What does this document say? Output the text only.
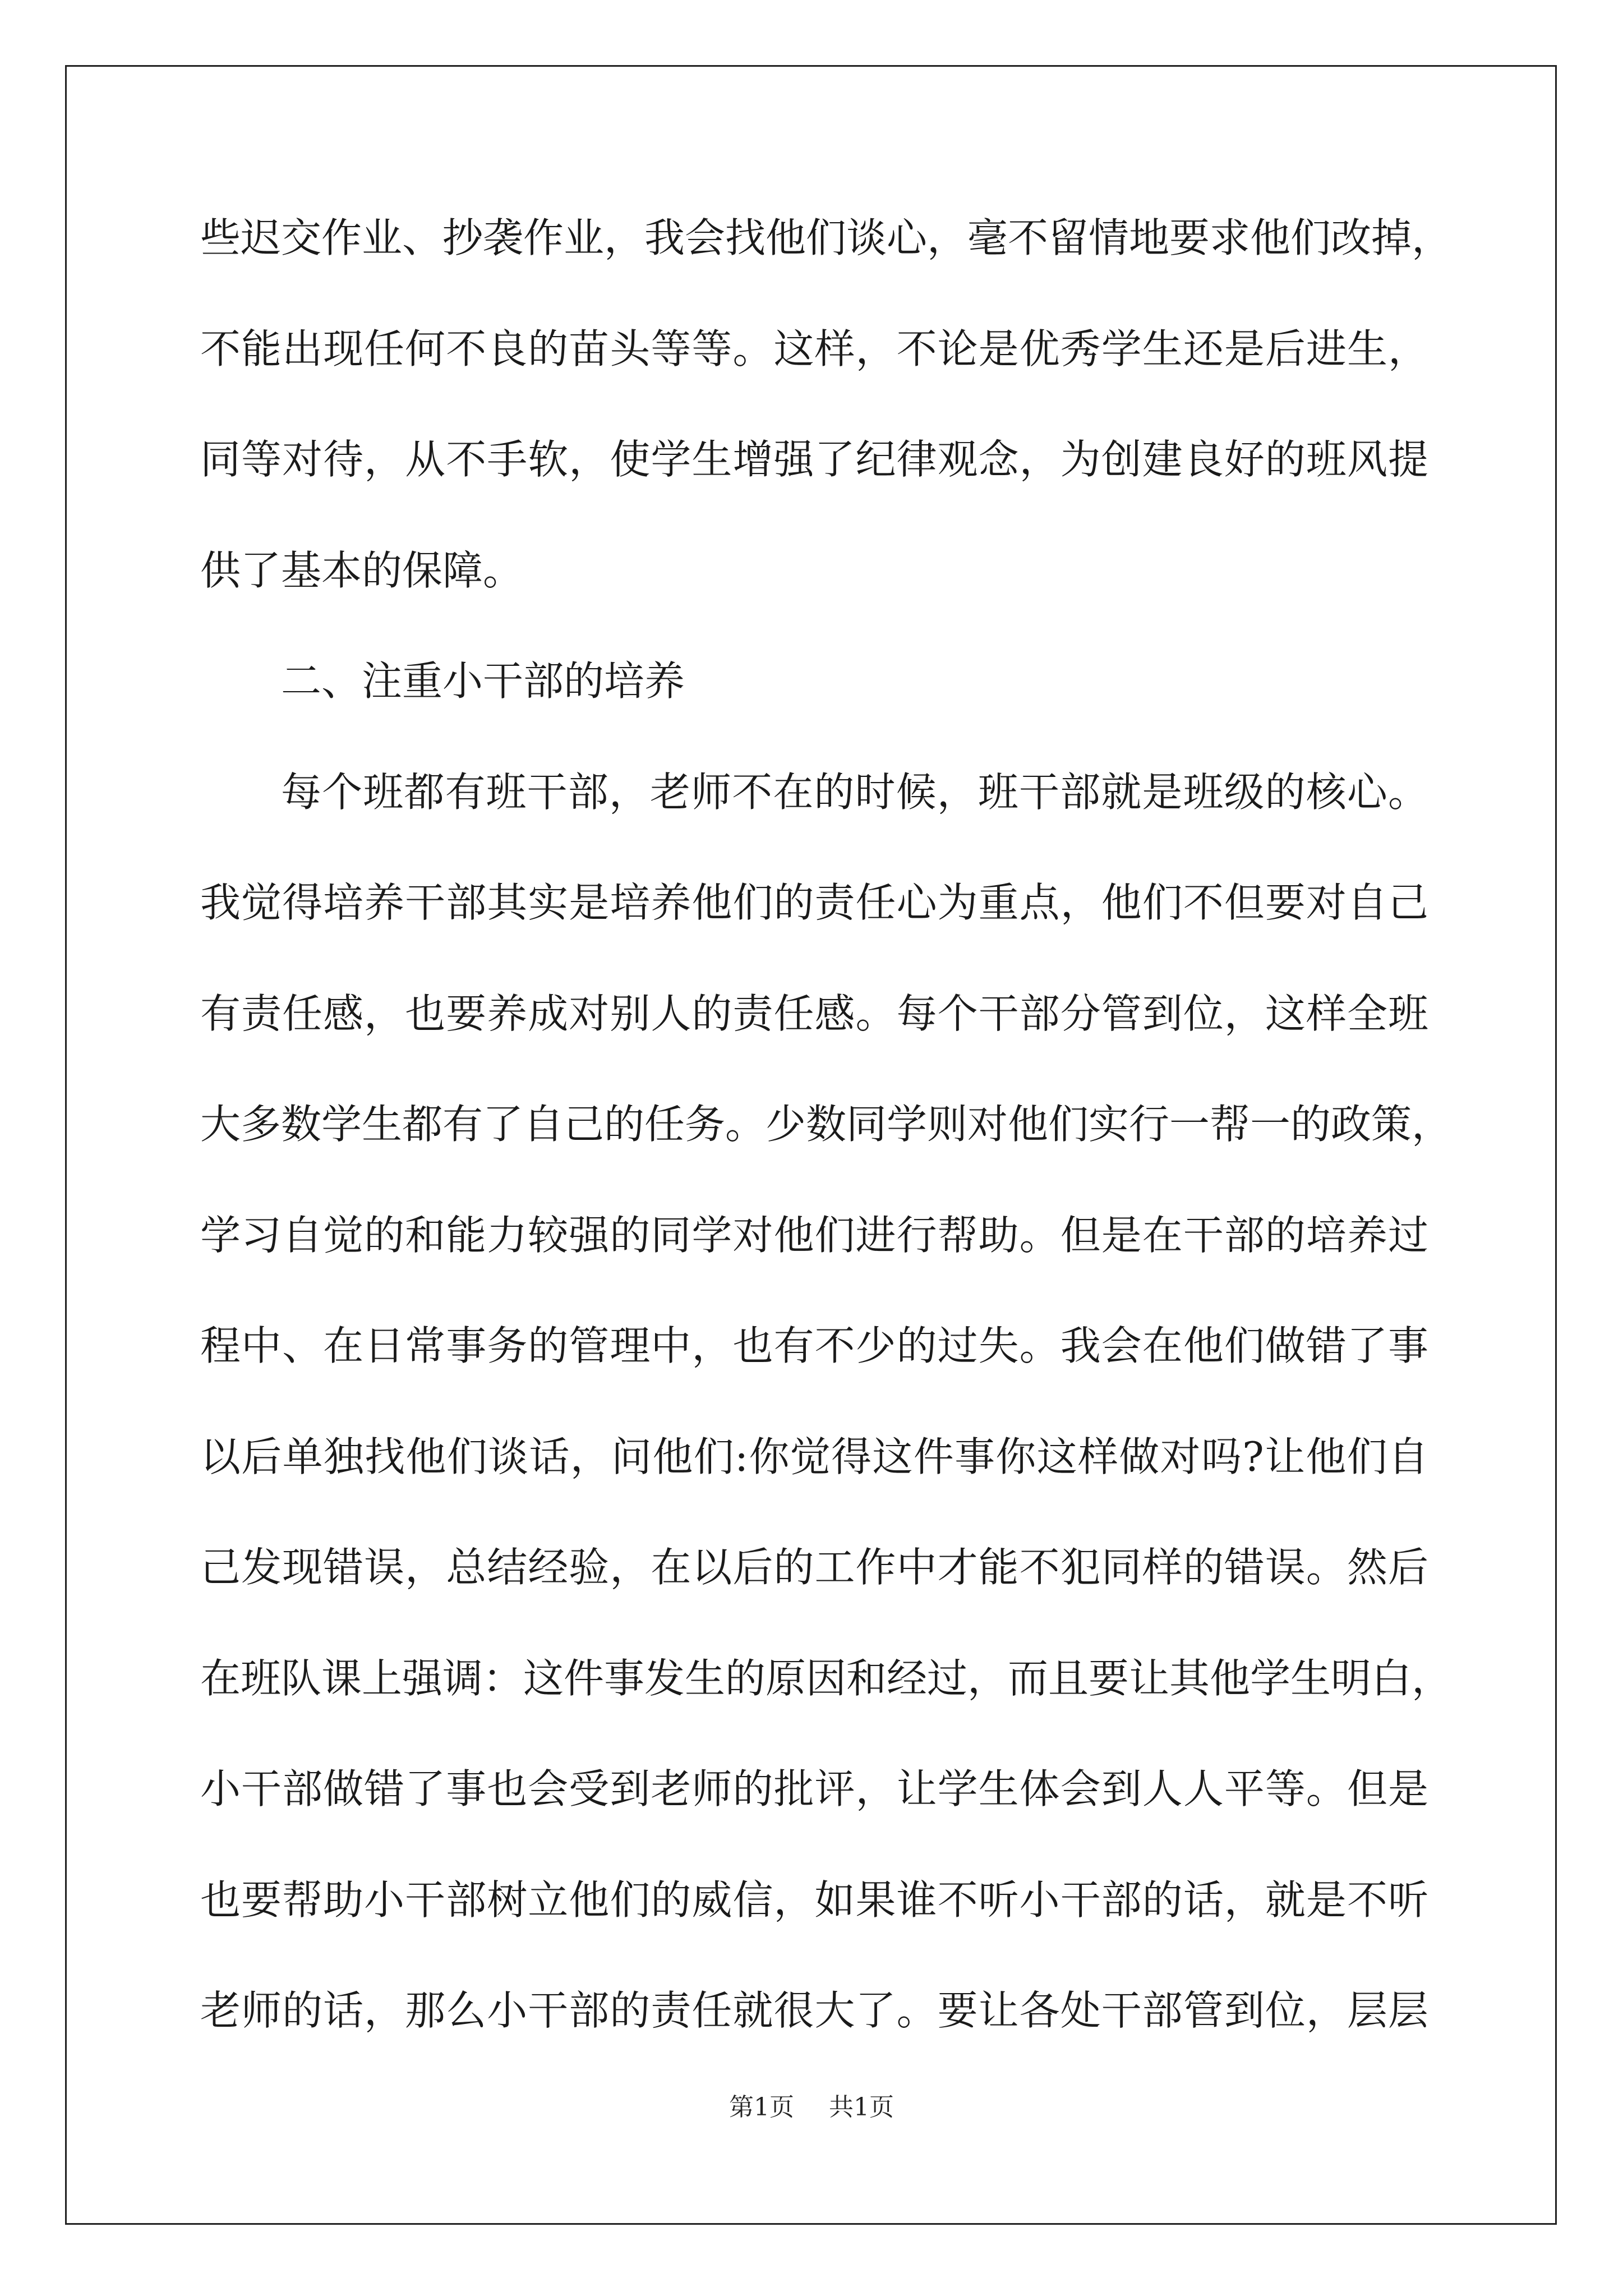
些迟交作业、抄袭作业，我会找他们谈心，毫不留情地要求他们改掉，
不能出现任何不良的苗头等等。这样，不论是优秀学生还是后进生，
同等对待，从不手软，使学生增强了纪律观念，为创建良好的班风提
供了基本的保障。
二、注重小干部的培养
每个班都有班干部，老师不在的时候，班干部就是班级的核心。
我觉得培养干部其实是培养他们的责任心为重点，他们不但要对自己
有责任感，也要养成对别人的责任感。每个干部分管到位，这样全班
大多数学生都有了自己的任务。少数同学则对他们实行一帮一的政策，
学习自觉的和能力较强的同学对他们进行帮助。但是在干部的培养过
程中、在日常事务的管理中，也有不少的过失。我会在他们做错了事
以后单独找他们谈话，问他们:你觉得这件事你这样做对吗?让他们自
己发现错误，总结经验，在以后的工作中才能不犯同样的错误。然后
在班队课上强调：这件事发生的原因和经过，而且要让其他学生明白，
小干部做错了事也会受到老师的批评，让学生体会到人人平等。但是
也要帮助小干部树立他们的威信，如果谁不听小干部的话，就是不听
老师的话，那么小干部的责任就很大了。要让各处干部管到位，层层
第1页 共1页
